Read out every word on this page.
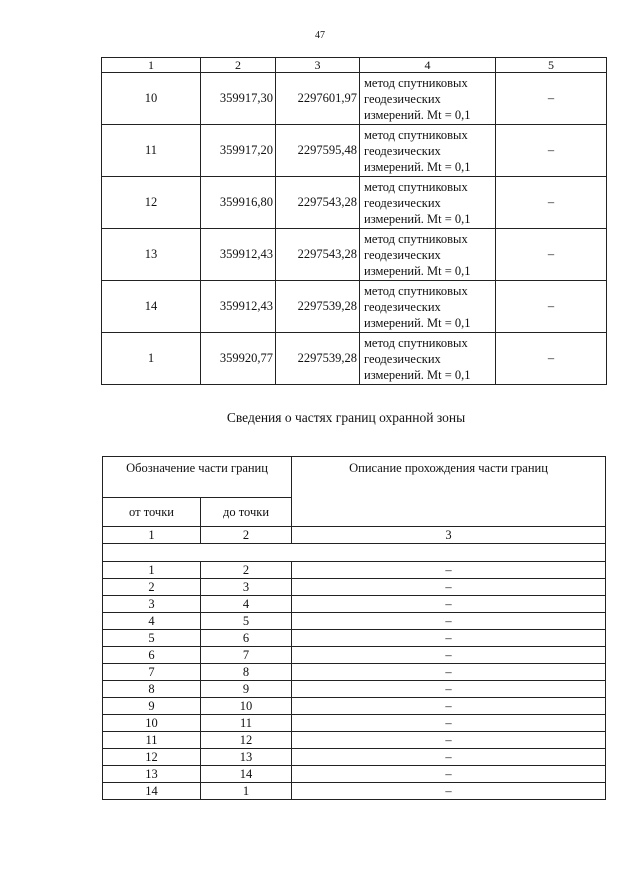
47
1	2	3	4	5
10	359917,30	2297601,97	метод спутниковых
геодезических
измерений. Mt = 0,1	–
11	359917,20	2297595,48	метод спутниковых
геодезических
измерений. Mt = 0,1	–
12	359916,80	2297543,28	метод спутниковых
геодезических
измерений. Mt = 0,1	–
13	359912,43	2297543,28	метод спутниковых
геодезических
измерений. Mt = 0,1	–
14	359912,43	2297539,28	метод спутниковых
геодезических
измерений. Mt = 0,1	–
1	359920,77	2297539,28	метод спутниковых
геодезических
измерений. Mt = 0,1	–
Сведения о частях границ охранной зоны
Обозначение части границ		Описание прохождения части границ
от точки	до точки	
1	2	3

1	2	–
2	3	–
3	4	–
4	5	–
5	6	–
6	7	–
7	8	–
8	9	–
9	10	–
10	11	–
11	12	–
12	13	–
13	14	–
14	1	–
